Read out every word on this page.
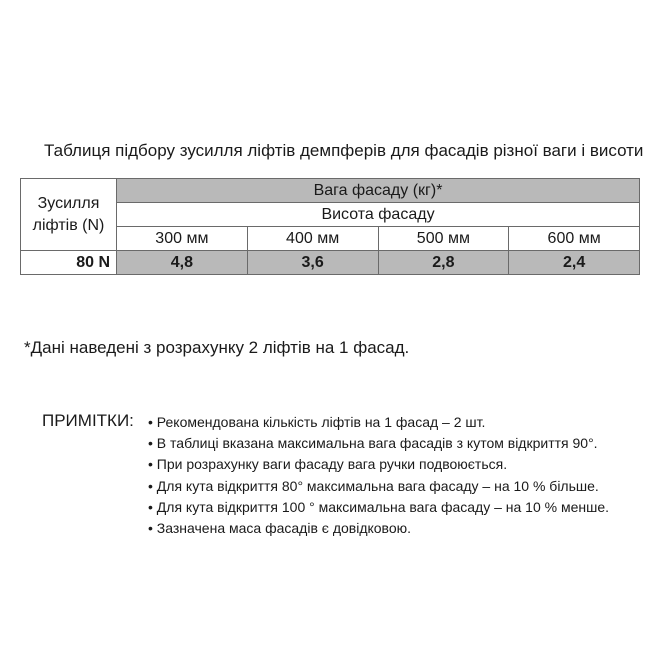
Таблиця підбору зусилля ліфтів демпферів для фасадів різної ваги і висоти
Зусилля ліфтів (N)	Вага фасаду (кг)*			
	Висота фасаду			
	300 мм	400 мм	500 мм	600 мм
80 N	4,8	3,6	2,8	2,4
*Дані наведені з розрахунку 2 ліфтів на 1 фасад.
ПРИМІТКИ:	• Рекомендована кількість ліфтів на 1 фасад – 2 шт.
• В таблиці вказана максимальна вага фасадів з кутом відкриття 90°.
• При розрахунку ваги фасаду вага ручки подвоюється.
• Для кута відкриття 80° максимальна вага фасаду – на 10 % більше.
• Для кута відкриття 100 ° максимальна вага фасаду – на 10 % менше.
• Зазначена маса фасадів є довідковою.
